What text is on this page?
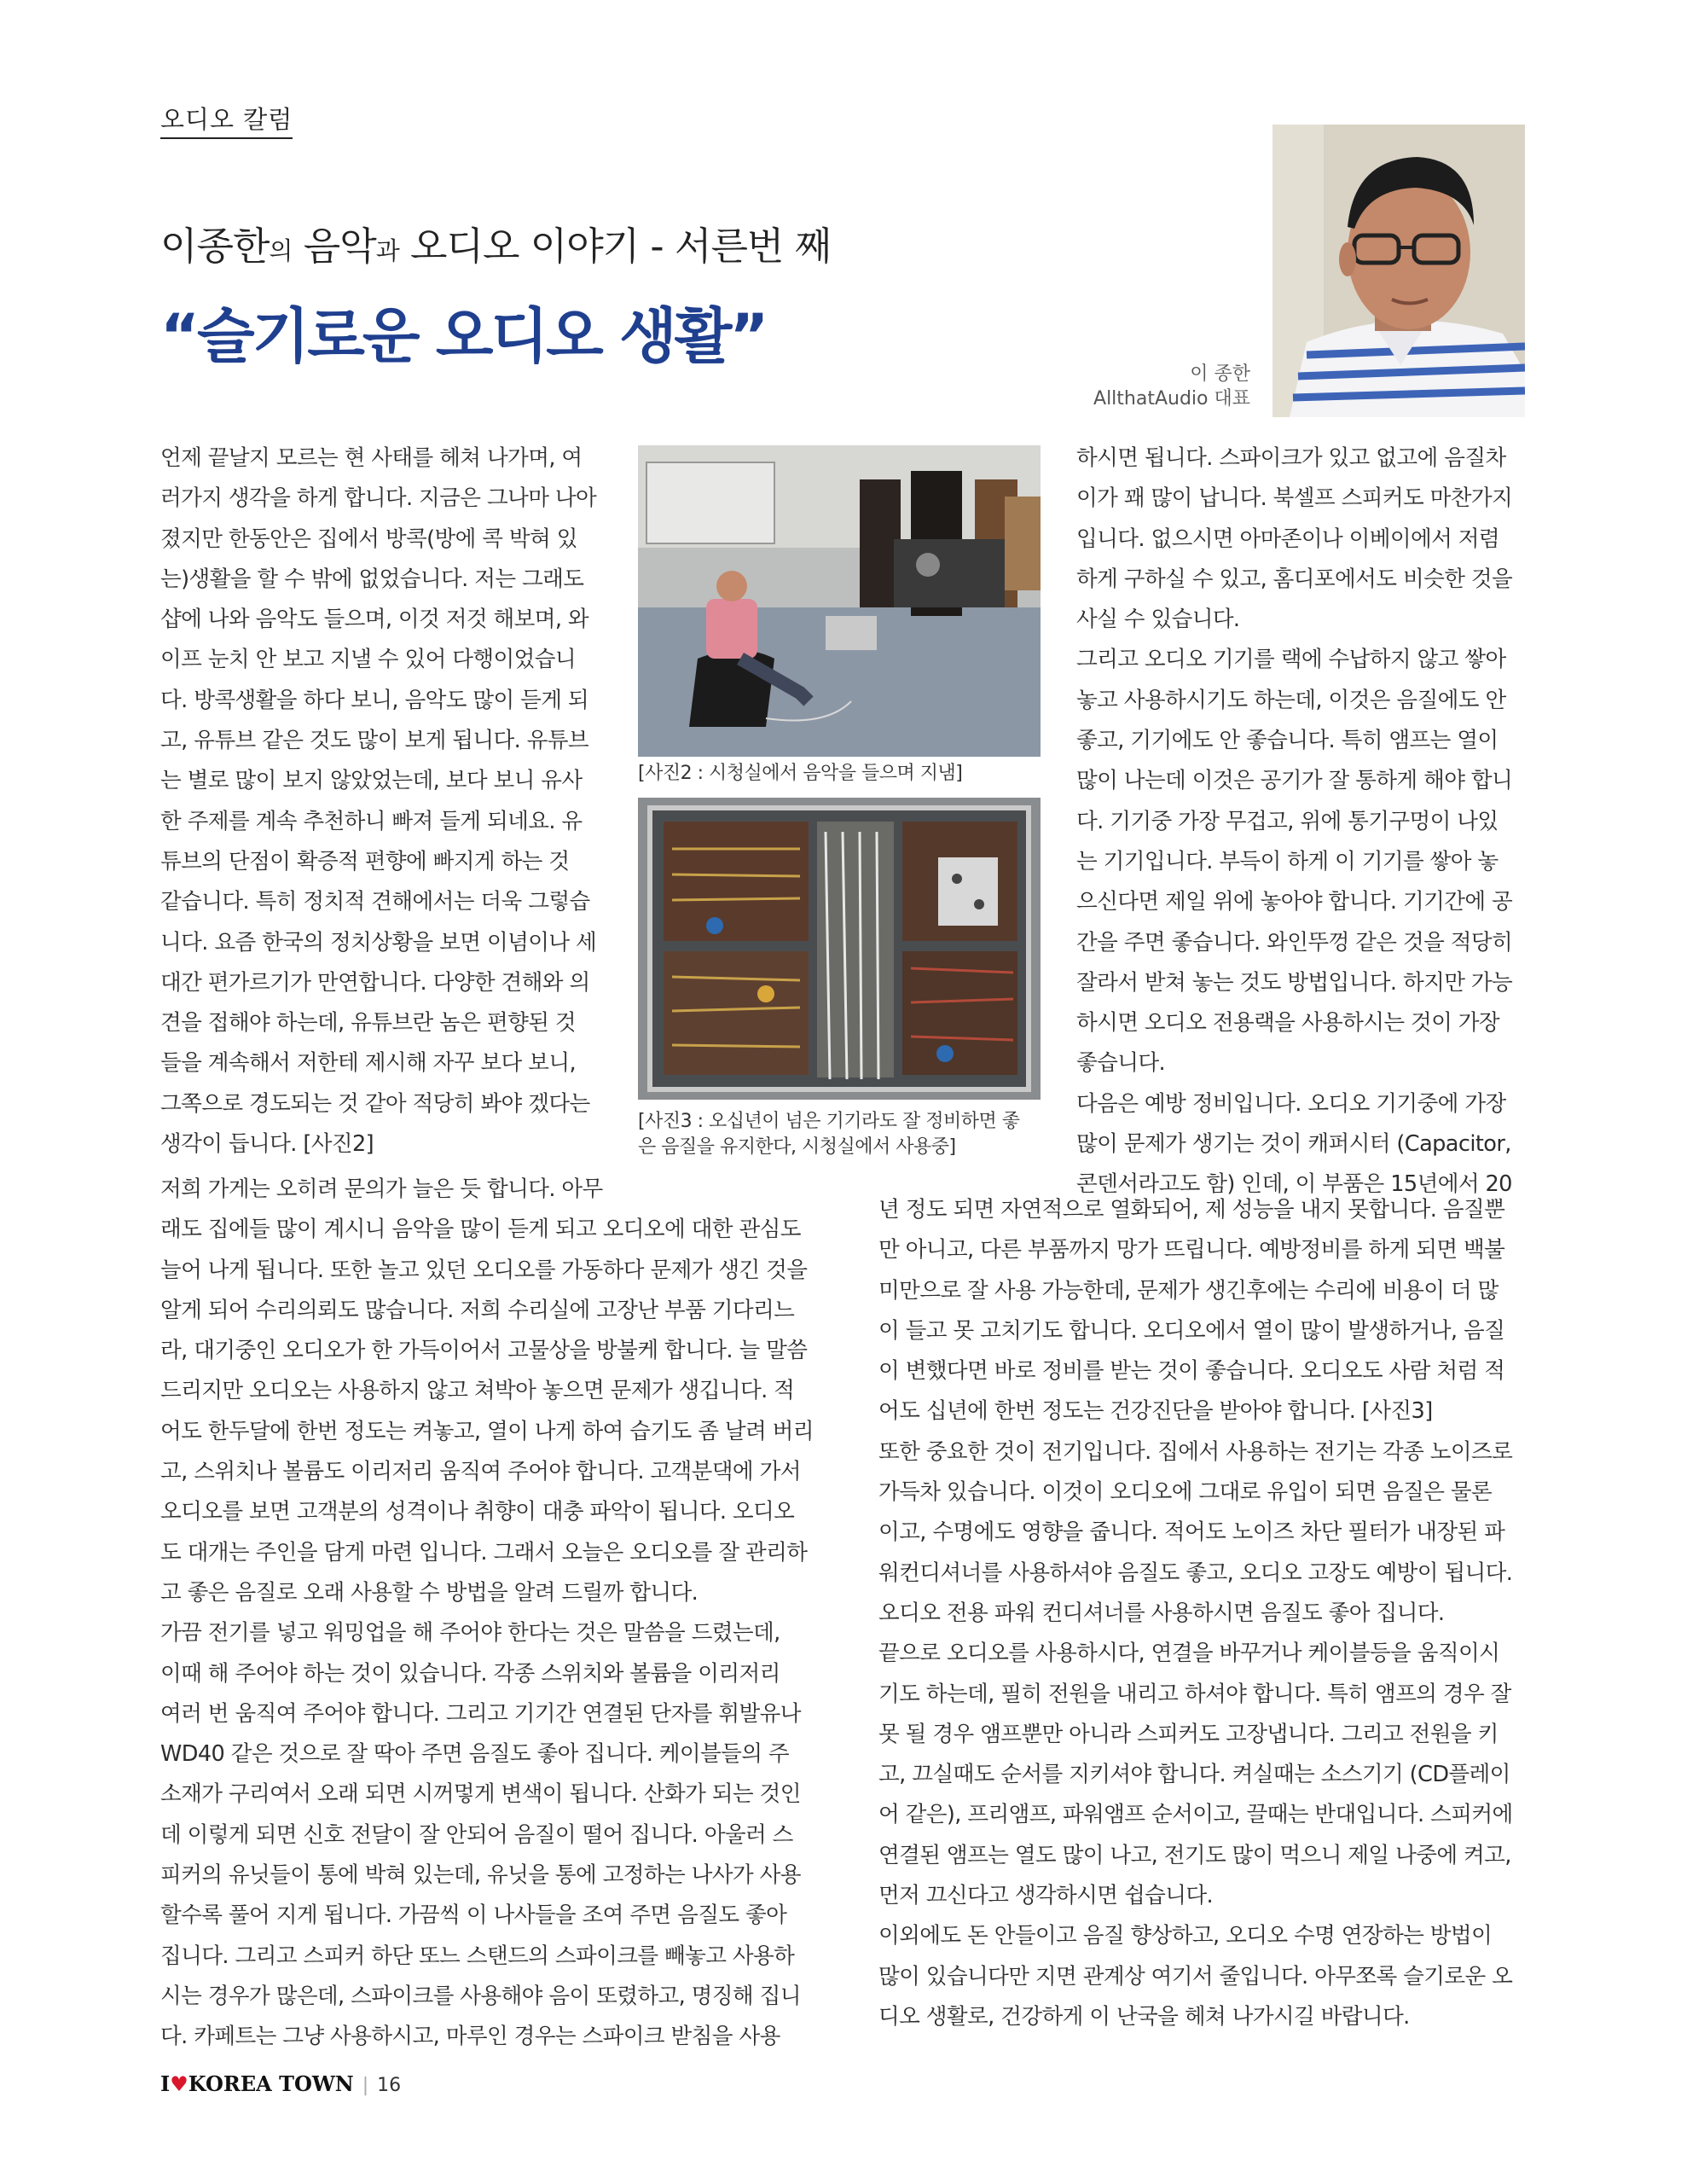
오디오 칼럼
이종한의 음악과 오디오 이야기 - 서른번 째
“슬기로운 오디오 생활”
이 종한
AllthatAudio 대표
[사진2 : 시청실에서 음악을 들으며 지냄]
[사진3 : 오십년이 넘은 기기라도 잘 정비하면 좋
은 음질을 유지한다, 시청실에서 사용중]

언제 끝날지 모르는 현 사태를 헤쳐 나가며, 여

러가지 생각을 하게 합니다. 지금은 그나마 나아

졌지만 한동안은 집에서 방콕(방에 콕 박혀 있

는)생활을 할 수 밖에 없었습니다. 저는 그래도

샵에 나와 음악도 들으며, 이것 저것 해보며, 와

이프 눈치 안 보고 지낼 수 있어 다행이었습니

다. 방콕생활을 하다 보니, 음악도 많이 듣게 되

고, 유튜브 같은 것도 많이 보게 됩니다. 유튜브

는 별로 많이 보지 않았었는데, 보다 보니 유사

한 주제를 계속 추천하니 빠져 들게 되네요. 유

튜브의 단점이 확증적 편향에 빠지게 하는 것

같습니다. 특히 정치적 견해에서는 더욱 그렇습

니다. 요즘 한국의 정치상황을 보면 이념이나 세

대간 편가르기가 만연합니다. 다양한 견해와 의

견을 접해야 하는데, 유튜브란 놈은 편향된 것

들을 계속해서 저한테 제시해 자꾸 보다 보니,

그쪽으로 경도되는 것 같아 적당히 봐야 겠다는

생각이 듭니다. [사진2]

하시면 됩니다. 스파이크가 있고 없고에 음질차

이가 꽤 많이 납니다. 북셀프 스피커도 마찬가지

입니다. 없으시면 아마존이나 이베이에서 저렴

하게 구하실 수 있고, 홈디포에서도 비슷한 것을

사실 수 있습니다.

그리고 오디오 기기를 랙에 수납하지 않고 쌓아

놓고 사용하시기도 하는데, 이것은 음질에도 안

좋고, 기기에도 안 좋습니다. 특히 앰프는 열이

많이 나는데 이것은 공기가 잘 통하게 해야 합니

다. 기기중 가장 무겁고, 위에 통기구멍이 나있

는 기기입니다. 부득이 하게 이 기기를 쌓아 놓

으신다면 제일 위에 놓아야 합니다. 기기간에 공

간을 주면 좋습니다. 와인뚜껑 같은 것을 적당히

잘라서 받쳐 놓는 것도 방법입니다. 하지만 가능

하시면 오디오 전용랙을 사용하시는 것이 가장

좋습니다.

다음은 예방 정비입니다. 오디오 기기중에 가장

많이 문제가 생기는 것이 캐퍼시터 (Capacitor,

콘덴서라고도 함) 인데, 이 부품은 15년에서 20

저희 가게는 오히려 문의가 늘은 듯 합니다. 아무

래도 집에들 많이 계시니 음악을 많이 듣게 되고 오디오에 대한 관심도

늘어 나게 됩니다. 또한 놀고 있던 오디오를 가동하다 문제가 생긴 것을

알게 되어 수리의뢰도 많습니다. 저희 수리실에 고장난 부품 기다리느

라, 대기중인 오디오가 한 가득이어서 고물상을 방불케 합니다. 늘 말씀

드리지만 오디오는 사용하지 않고 쳐박아 놓으면 문제가 생깁니다. 적

어도 한두달에 한번 정도는 켜놓고, 열이 나게 하여 습기도 좀 날려 버리

고, 스위치나 볼륨도 이리저리 움직여 주어야 합니다. 고객분댁에 가서

오디오를 보면 고객분의 성격이나 취향이 대충 파악이 됩니다. 오디오

도 대개는 주인을 담게 마련 입니다. 그래서 오늘은 오디오를 잘 관리하

고 좋은 음질로 오래 사용할 수 방법을 알려 드릴까 합니다.

가끔 전기를 넣고 워밍업을 해 주어야 한다는 것은 말씀을 드렸는데,

이때 해 주어야 하는 것이 있습니다. 각종 스위치와 볼륨을 이리저리

여러 번 움직여 주어야 합니다. 그리고 기기간 연결된 단자를 휘발유나

WD40 같은 것으로 잘 딱아 주면 음질도 좋아 집니다. 케이블들의 주

소재가 구리여서 오래 되면 시꺼멓게 변색이 됩니다. 산화가 되는 것인

데 이렇게 되면 신호 전달이 잘 안되어 음질이 떨어 집니다. 아울러 스

피커의 유닛들이 통에 박혀 있는데, 유닛을 통에 고정하는 나사가 사용

할수록 풀어 지게 됩니다. 가끔씩 이 나사들을 조여 주면 음질도 좋아

집니다. 그리고 스피커 하단 또느 스탠드의 스파이크를 빼놓고 사용하

시는 경우가 많은데, 스파이크를 사용해야 음이 또렸하고, 명징해 집니

다. 카페트는 그냥 사용하시고, 마루인 경우는 스파이크 받침을 사용

년 정도 되면 자연적으로 열화되어, 제 성능을 내지 못합니다. 음질뿐

만 아니고, 다른 부품까지 망가 뜨립니다. 예방정비를 하게 되면 백불

미만으로 잘 사용 가능한데, 문제가 생긴후에는 수리에 비용이 더 많

이 들고 못 고치기도 합니다. 오디오에서 열이 많이 발생하거나, 음질

이 변했다면 바로 정비를 받는 것이 좋습니다. 오디오도 사람 처럼 적

어도 십년에 한번 정도는 건강진단을 받아야 합니다. [사진3]

또한 중요한 것이 전기입니다. 집에서 사용하는 전기는 각종 노이즈로

가득차 있습니다. 이것이 오디오에 그대로 유입이 되면 음질은 물론

이고, 수명에도 영향을 줍니다. 적어도 노이즈 차단 필터가 내장된 파

워컨디셔너를 사용하셔야 음질도 좋고, 오디오 고장도 예방이 됩니다.

오디오 전용 파워 컨디셔너를 사용하시면 음질도 좋아 집니다.

끝으로 오디오를 사용하시다, 연결을 바꾸거나 케이블등을 움직이시

기도 하는데, 필히 전원을 내리고 하셔야 합니다. 특히 앰프의 경우 잘

못 될 경우 앰프뿐만 아니라 스피커도 고장냅니다. 그리고 전원을 키

고, 끄실때도 순서를 지키셔야 합니다. 켜실때는 소스기기 (CD플레이

어 같은), 프리앰프, 파워앰프 순서이고, 끌때는 반대입니다. 스피커에

연결된 앰프는 열도 많이 나고, 전기도 많이 먹으니 제일 나중에 켜고,

먼저 끄신다고 생각하시면 쉽습니다.

이외에도 돈 안들이고 음질 향상하고, 오디오 수명 연장하는 방법이

많이 있습니다만 지면 관계상 여기서 줄입니다. 아무쪼록 슬기로운 오

디오 생활로, 건강하게 이 난국을 헤쳐 나가시길 바랍니다.

I♥KOREA TOWN | 16
